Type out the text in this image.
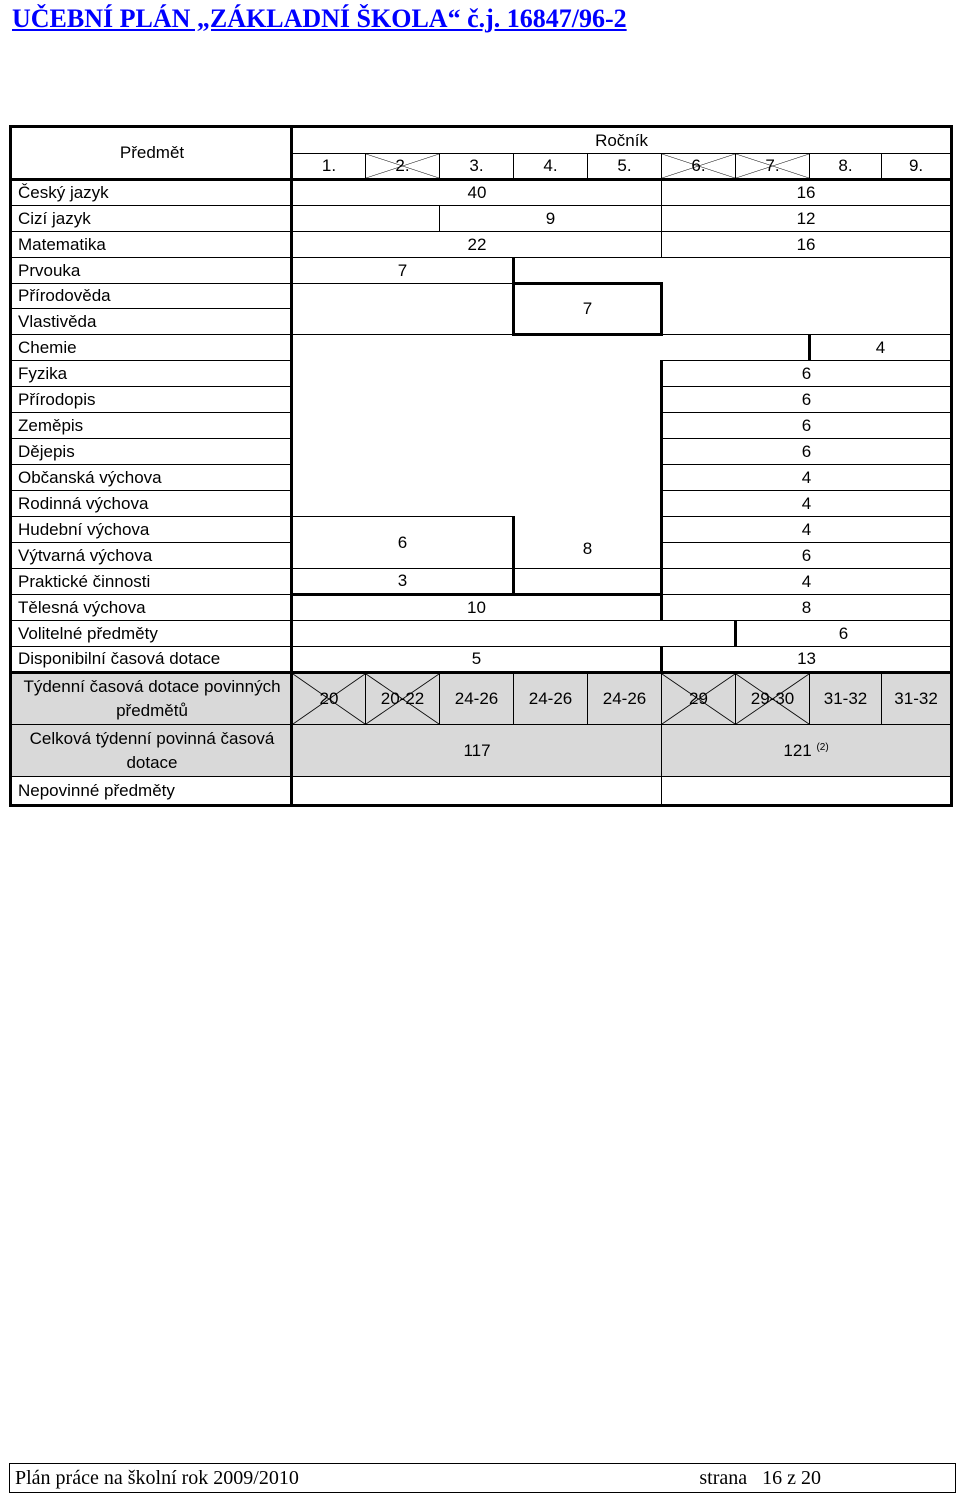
UČEBNÍ PLÁN „ZÁKLADNÍ ŠKOLA“ č.j. 16847/96-2
Předmět	Ročník								
	1.	2.	3.	4.	5.	6.	7.	8.	9.
Český jazyk	40					16			
Cizí jazyk			9			12			
Matematika	22					16			
Prvouka	7								
Přírodověda				7					
Vlastivěda									
Chemie								4	
Fyzika						6			
Přírodopis						6			
Zeměpis						6			
Dějepis						6			
Občanská výchova						4			
Rodinná výchova						4			
Hudební výchova	6			8		4			
Výtvarná výchova						6			
Praktické činnosti	3					4			
Tělesná výchova	10					8			
Volitelné předměty							6		
Disponibilní časová dotace	5					13			
Týdenní časová dotace povinných předmětů	20	20-22	24-26	24-26	24-26	29	29-30	31-32	31-32
Celková týdenní povinná časová dotace	117					121 $^{(2)}$
Nepovinné předměty									
Plán práce na školní rok 2009/2010	strana   16 z 20
